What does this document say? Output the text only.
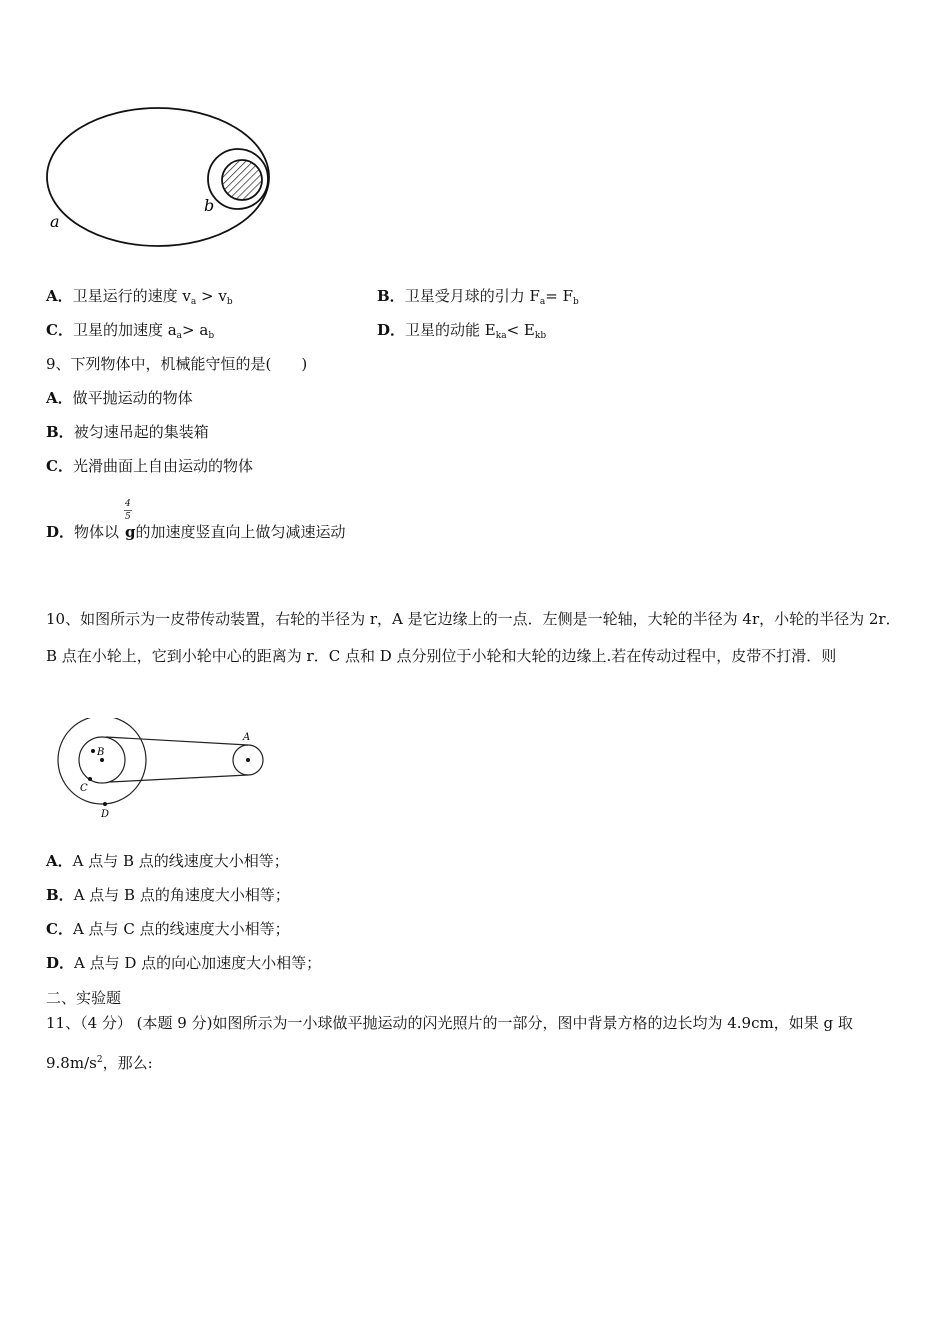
a
b
A．卫星运行的速度 $v_a > v_b$	B．卫星受月球的引力 $F_a= F_b$
C．卫星的加速度 $a_a> a_b$	D．卫星的动能 $E_{ka}< E_{kb}$
9、下列物体中，机械能守恒的是(　　)
A．做平抛运动的物体
B．被匀速吊起的集装箱
C．光滑曲面上自由运动的物体
D．物体以 g的加速度竖直向上做匀减速运动
4
5
10、如图所示为一皮带传动装置，右轮的半径为 r，A 是它边缘上的一点．左侧是一轮轴，大轮的半径为 4r，小轮的半径为 2r．B 点在小轮上，它到小轮中心的距离为 r．C 点和 D 点分别位于小轮和大轮的边缘上.若在传动过程中，皮带不打滑．则
A
B
C
D
A．A 点与 B 点的线速度大小相等；
B．A 点与 B 点的角速度大小相等；
C．A 点与 C 点的线速度大小相等；
D．A 点与 D 点的向心加速度大小相等；
二、实验题
11、（4 分） (本题 9 分)如图所示为一小球做平抛运动的闪光照片的一部分，图中背景方格的边长均为 4.9cm，如果 g 取 $9.8m/s^2$，那么:
